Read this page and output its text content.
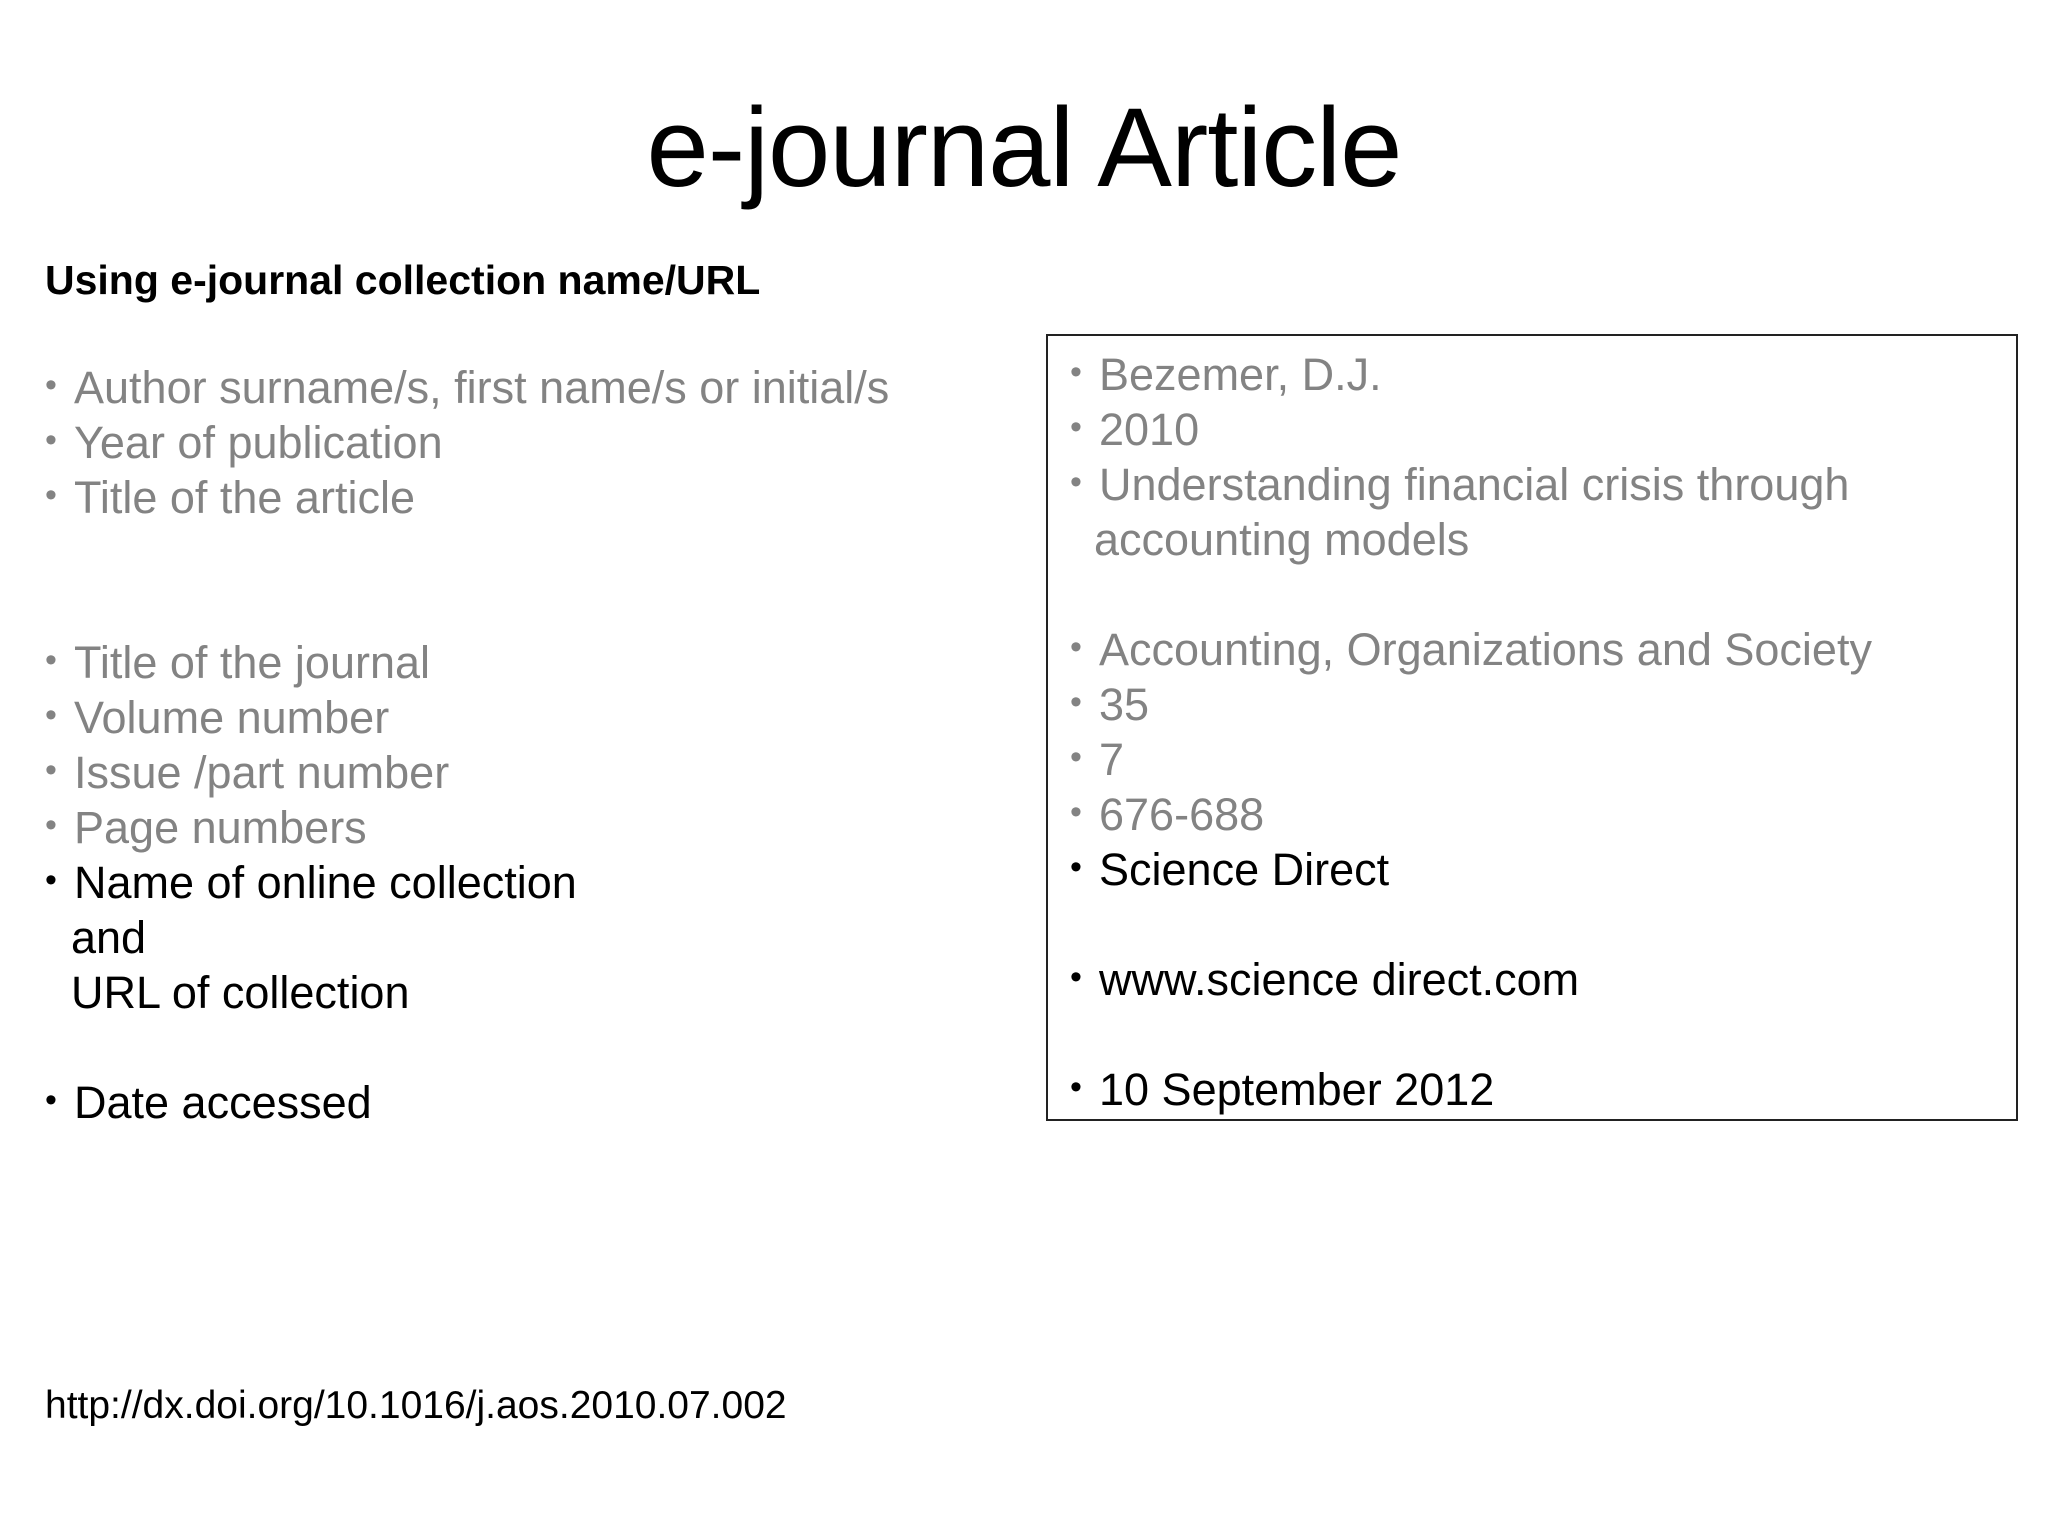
e-journal Article
Using e-journal collection name/URL
• Author surname/s, first name/s or initial/s
• Year of publication
• Title of the article
• Title of the journal
• Volume number
• Issue /part number
• Page numbers
• Name of online collection
and
URL of collection
• Date accessed
• Bezemer, D.J.
• 2010
• Understanding financial crisis through
accounting models
• Accounting, Organizations and Society
• 35
• 7
• 676-688
• Science Direct
• www.science direct.com
• 10 September 2012
http://dx.doi.org/10.1016/j.aos.2010.07.002
